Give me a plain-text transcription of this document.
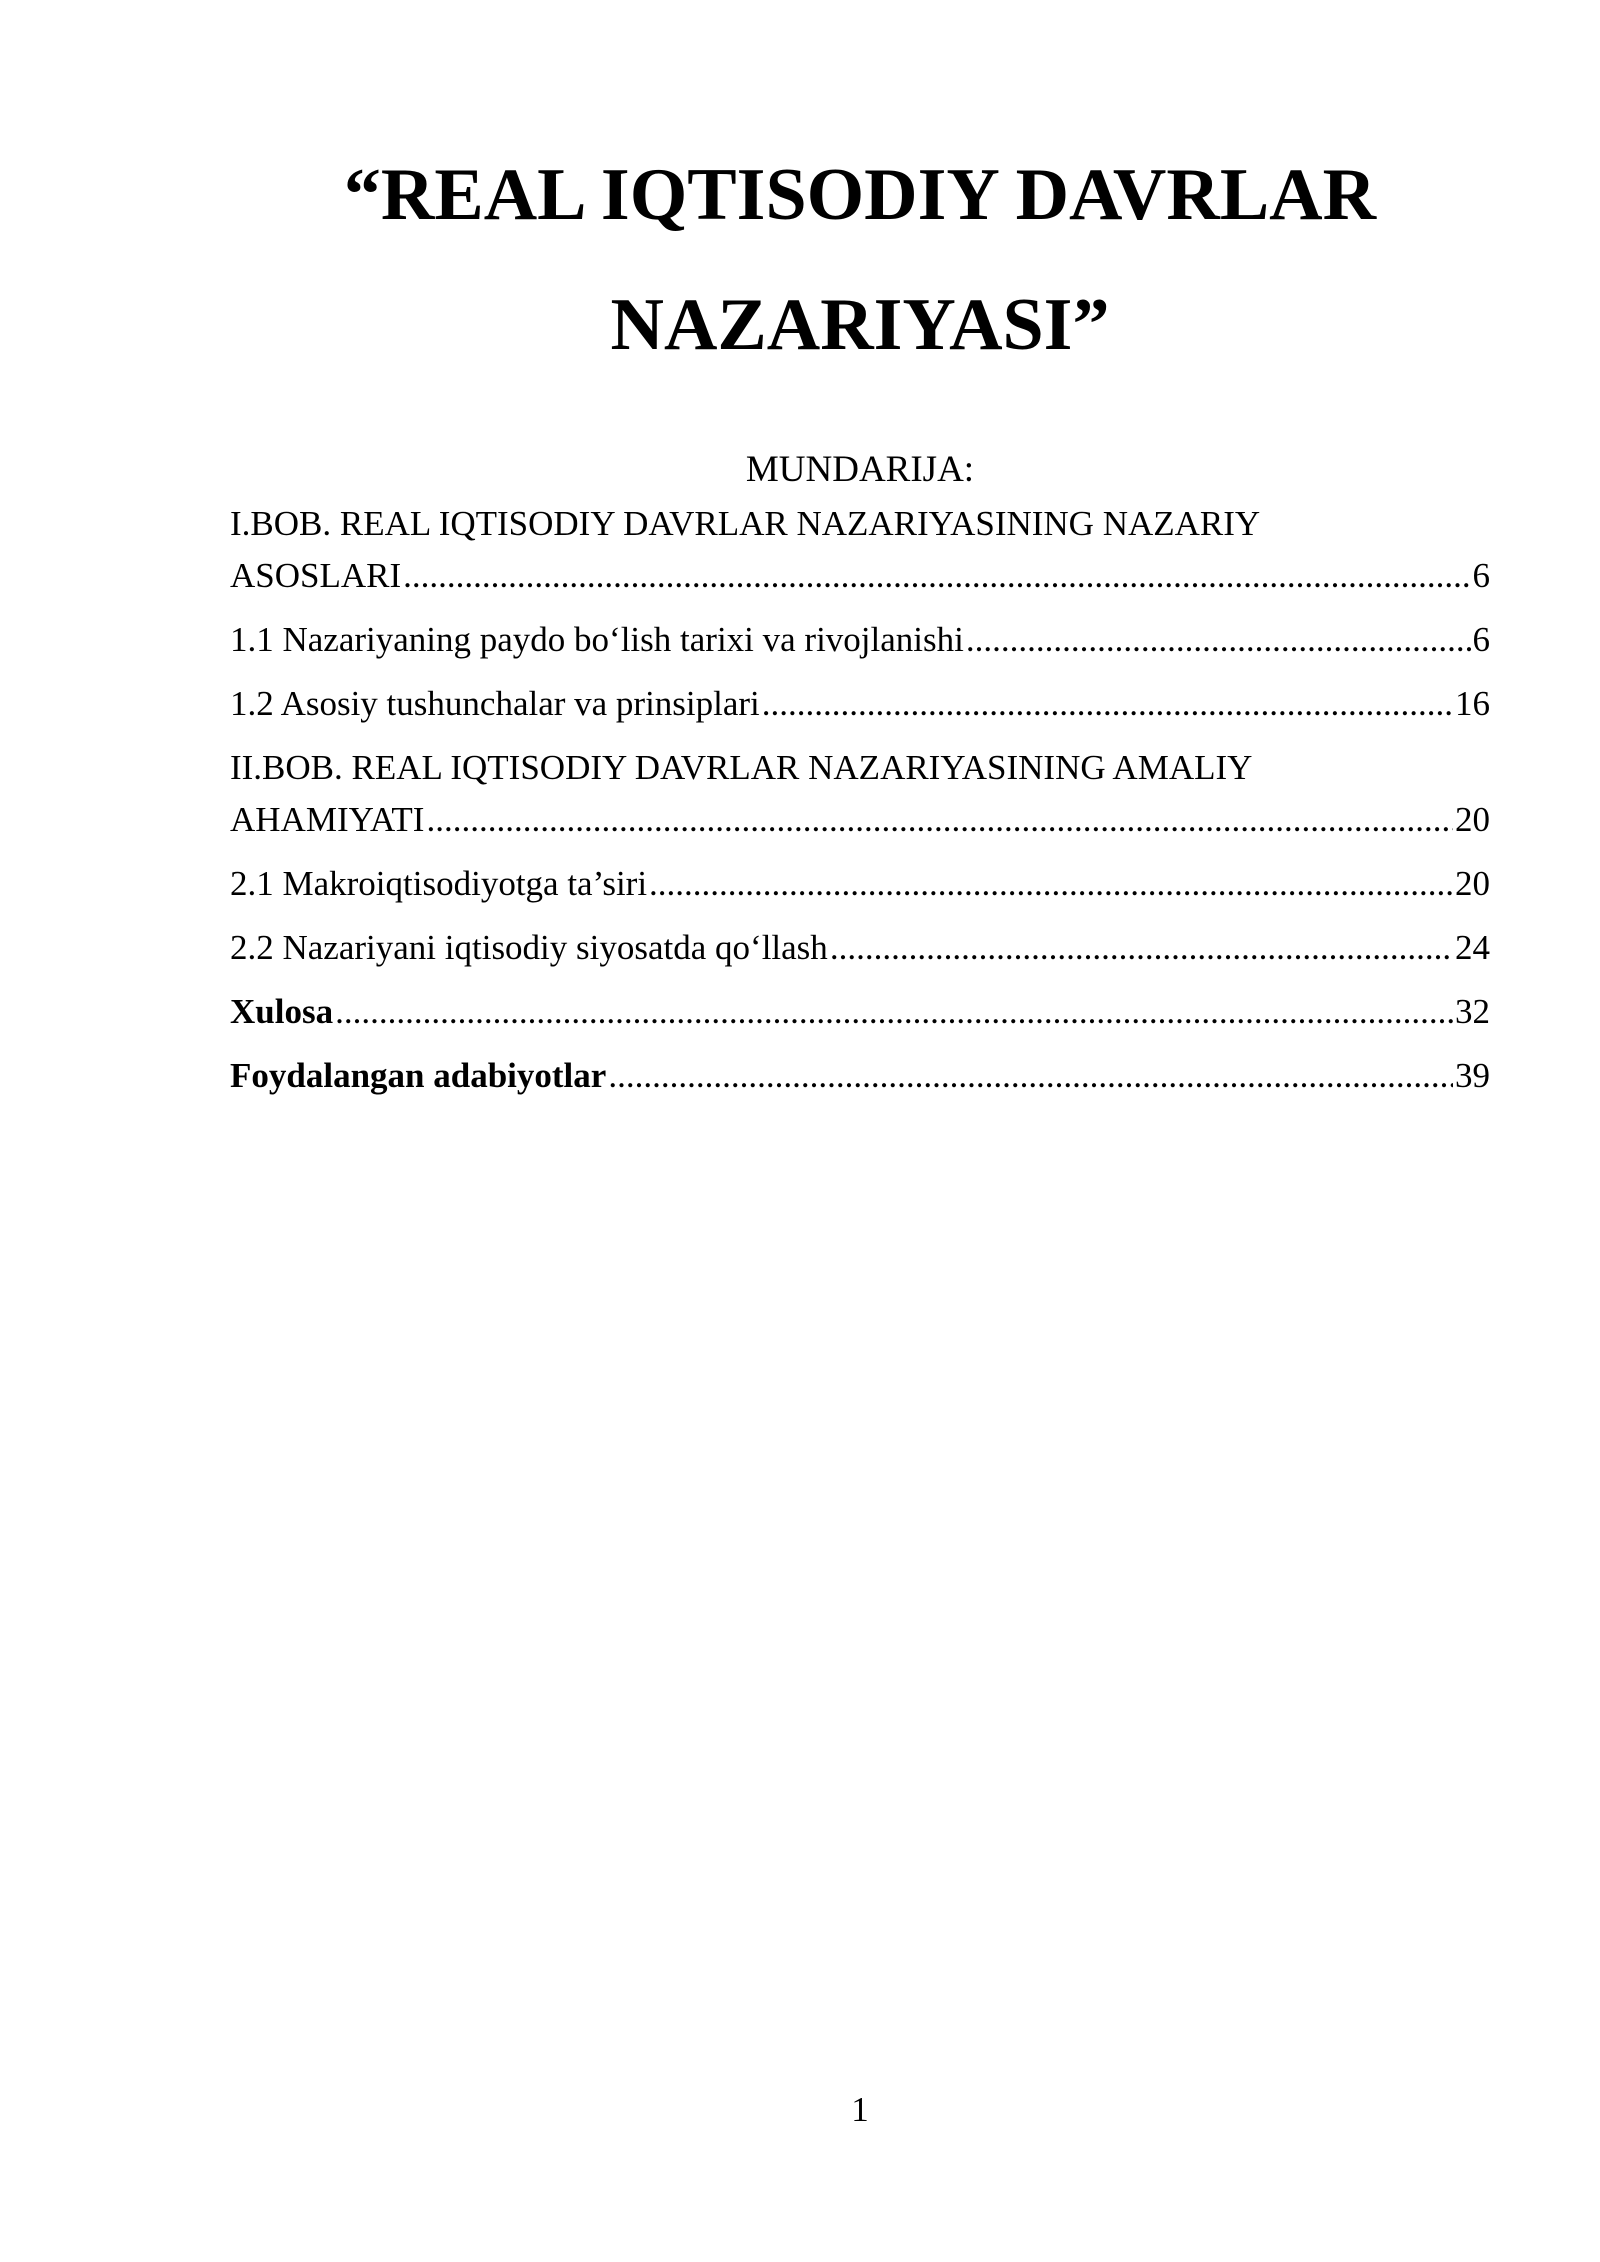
“REAL IQTISODIY DAVRLAR
NAZARIYASI”
MUNDARIJA:
I.BOB. REAL IQTISODIY DAVRLAR NAZARIYASINING NAZARIY
ASOSLARI .....	6
1.1 Nazariyaning paydo bo‘lish tarixi va rivojlanishi .....	6
1.2 Asosiy tushunchalar va prinsiplari .....	16
II.BOB. REAL IQTISODIY DAVRLAR NAZARIYASINING AMALIY
AHAMIYATI .....	20
2.1 Makroiqtisodiyotga ta’siri .....	20
2.2 Nazariyani iqtisodiy siyosatda qo‘llash .....	24
Xulosa .....	32
Foydalangan adabiyotlar .....	39
1
